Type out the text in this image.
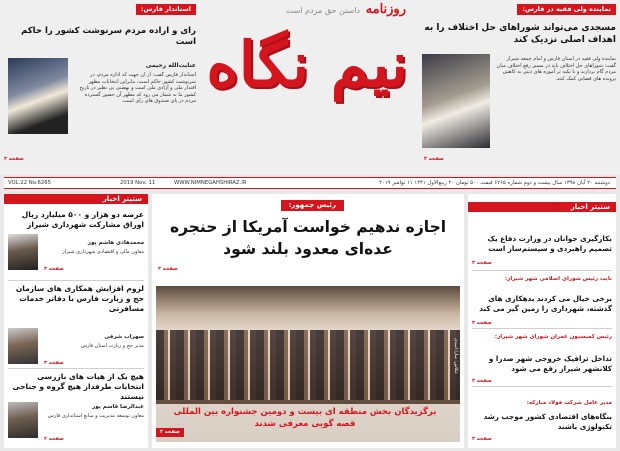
نماینده ولی فقیه در فارس:
مسجدی می‌تواند شوراهای حل اختلاف را به اهداف اصلی نزدیک کند
نماینده ولی فقیه در استان فارس و امام جمعه شیراز گفت: شوراهای حل اختلاف باید در مسیر رفع اختلاف میان مردم گام بردارند و با تکیه بر آموزه های دینی به کاهش پرونده های قضایی کمک کنند.
صفحه ۳
روزنامه
داستن حق مردم است
نیم نگاه
استاندار فارس:
رای و اراده مردم سرنوشت کشور را حاکم است
عنایت‌الله رحیمی
استاندار فارس گفت: از آن جهت که اداره مردم، در سرنوشت کشور حاکم است، بنابراین انتخابات مظهر اقتدار ملی و آزادی ملی است و نهضتی بی نظیر در تاریخ کشور ما به شمار می رود که مظهر آن حضور گسترده مردم در پای صندوق های رای است.
صفحه ۳
دوشنبه ۲۰ آبان ۱۳۹۸ سال بیست و دوم شماره ۶۲۶۵ قیمت ۵۰۰ تومان ۲۰ ربیع‌الاول ۱۴۴۱ ۱۱ نوامبر ۲۰۱۹
WWW.NIMNEGAHSHIRAZ.IR
2019 Nov. 11
VOL.22 No.6265
ستیتر اخبار
عرضه دو هزار و ۵۰۰ میلیارد ریال اوراق مشارکت شهرداری شیراز
محمدهادی هاشم پور
معاون مالی و اقتصادی شهرداری شیراز
صفحه ۳
لزوم افزایش همکاری های سازمان حج و زیارت فارس با دفاتر خدمات مسافرتی
سهراب شرفی
مدیر حج و زیارت استان فارس
صفحه ۳
هیچ یک از هیات های بازرسی انتخابات طرفدار هیچ گروه و جناحی نیستند
عبدالرضا قاسم پور
معاون توسعه مدیریت و منابع استانداری فارس
صفحه ۲
رئیس جمهور:
اجازه ندهیم خواست آمریکا از حنجره عده‌ای معدود بلند شود
صفحه ۳
برگزیدگان بخش منطقه ای بیست و دومین جشنواره بین المللی قصه گویی معرفی شدند
عکاس: سارا اسدی
صفحه ۳
ستیتر اخبار
بکارگیری جوانان در وزارت دفاع یک تصمیم راهبردی و سیستم‌ساز است
صفحه ۳
نایب رئیس شورای اسلامی شهر شیراز:
برخی خیال می کردند بدهکاری های گذشته، شهرداری را زمین گیر می کند
صفحه ۳
رئیس کمیسیون عمران شورای شهر شیراز:
تداخل ترافیک خروجی شهر صدرا و کلانشهر شیراز رفع می شود
صفحه ۳
مدیر عامل شرکت فولاد مبارکه:
بنگاه‌های اقتصادی کشور موجب رشد تکنولوژی باشند
صفحه ۳
